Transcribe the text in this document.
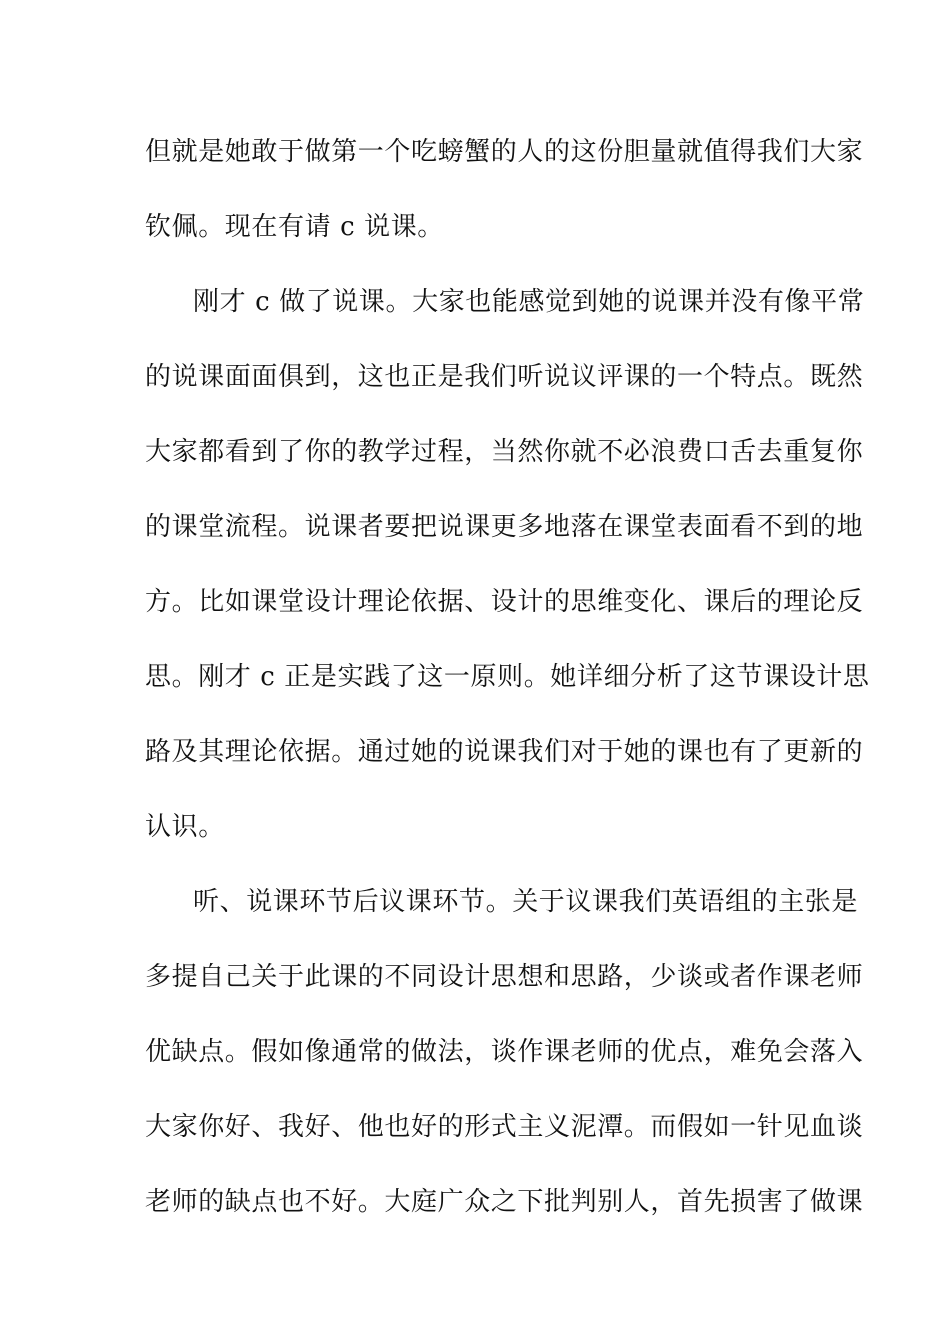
但就是她敢于做第一个吃螃蟹的人的这份胆量就值得我们大家
钦佩。现在有请 c 说课。
刚才 c 做了说课。大家也能感觉到她的说课并没有像平常
的说课面面俱到，这也正是我们听说议评课的一个特点。既然
大家都看到了你的教学过程，当然你就不必浪费口舌去重复你
的课堂流程。说课者要把说课更多地落在课堂表面看不到的地
方。比如课堂设计理论依据、设计的思维变化、课后的理论反
思。刚才 c 正是实践了这一原则。她详细分析了这节课设计思
路及其理论依据。通过她的说课我们对于她的课也有了更新的
认识。
听、说课环节后议课环节。关于议课我们英语组的主张是
多提自己关于此课的不同设计思想和思路，少谈或者作课老师
优缺点。假如像通常的做法，谈作课老师的优点，难免会落入
大家你好、我好、他也好的形式主义泥潭。而假如一针见血谈
老师的缺点也不好。大庭广众之下批判别人，首先损害了做课
